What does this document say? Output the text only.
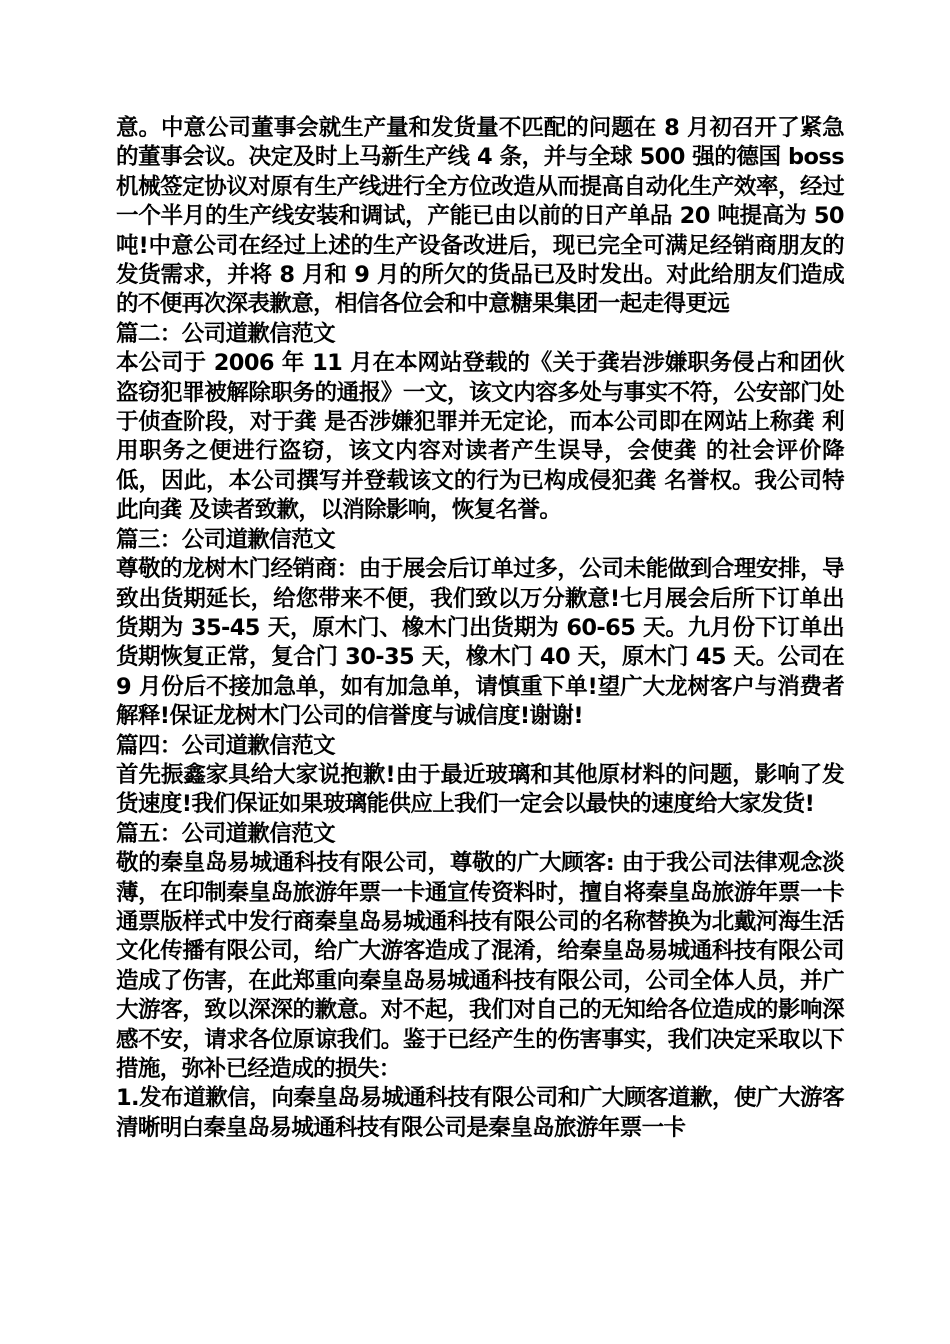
意。中意公司董事会就生产量和发货量不匹配的问题在 8 月初召开了紧急的董事会议。决定及时上马新生产线 4 条，并与全球 500 强的德国 boss 机械签定协议对原有生产线进行全方位改造从而提高自动化生产效率，经过一个半月的生产线安装和调试，产能已由以前的日产单品 20 吨提高为 50 吨!中意公司在经过上述的生产设备改进后，现已完全可满足经销商朋友的发货需求，并将 8 月和 9 月的所欠的货品已及时发出。对此给朋友们造成的不便再次深表歉意，相信各位会和中意糖果集团一起走得更远

篇二：公司道歉信范文

本公司于 2006 年 11 月在本网站登载的《关于龚岩涉嫌职务侵占和团伙盗窃犯罪被解除职务的通报》一文，该文内容多处与事实不符，公安部门处于侦查阶段，对于龚 是否涉嫌犯罪并无定论，而本公司即在网站上称龚 利用职务之便进行盗窃，该文内容对读者产生误导，会使龚 的社会评价降低，因此，本公司撰写并登载该文的行为已构成侵犯龚 名誉权。我公司特此向龚 及读者致歉，以消除影响，恢复名誉。

篇三：公司道歉信范文

尊敬的龙树木门经销商：由于展会后订单过多，公司未能做到合理安排，导致出货期延长，给您带来不便，我们致以万分歉意!七月展会后所下订单出货期为 35-45 天，原木门、橡木门出货期为 60-65 天。九月份下订单出货期恢复正常，复合门 30-35 天，橡木门 40 天，原木门 45 天。公司在 9 月份后不接加急单，如有加急单，请慎重下单!望广大龙树客户与消费者解释!保证龙树木门公司的信誉度与诚信度!谢谢!

篇四：公司道歉信范文

首先振鑫家具给大家说抱歉!由于最近玻璃和其他原材料的问题，影响了发货速度!我们保证如果玻璃能供应上我们一定会以最快的速度给大家发货!

篇五：公司道歉信范文

敬的秦皇岛易城通科技有限公司，尊敬的广大顾客: 由于我公司法律观念淡薄，在印制秦皇岛旅游年票一卡通宣传资料时，擅自将秦皇岛旅游年票一卡通票版样式中发行商秦皇岛易城通科技有限公司的名称替换为北戴河海生活文化传播有限公司，给广大游客造成了混淆，给秦皇岛易城通科技有限公司造成了伤害，在此郑重向秦皇岛易城通科技有限公司，公司全体人员，并广大游客，致以深深的歉意。对不起，我们对自己的无知给各位造成的影响深感不安，请求各位原谅我们。鉴于已经产生的伤害事实，我们决定采取以下措施，弥补已经造成的损失：

1.发布道歉信，向秦皇岛易城通科技有限公司和广大顾客道歉，使广大游客清晰明白秦皇岛易城通科技有限公司是秦皇岛旅游年票一卡
